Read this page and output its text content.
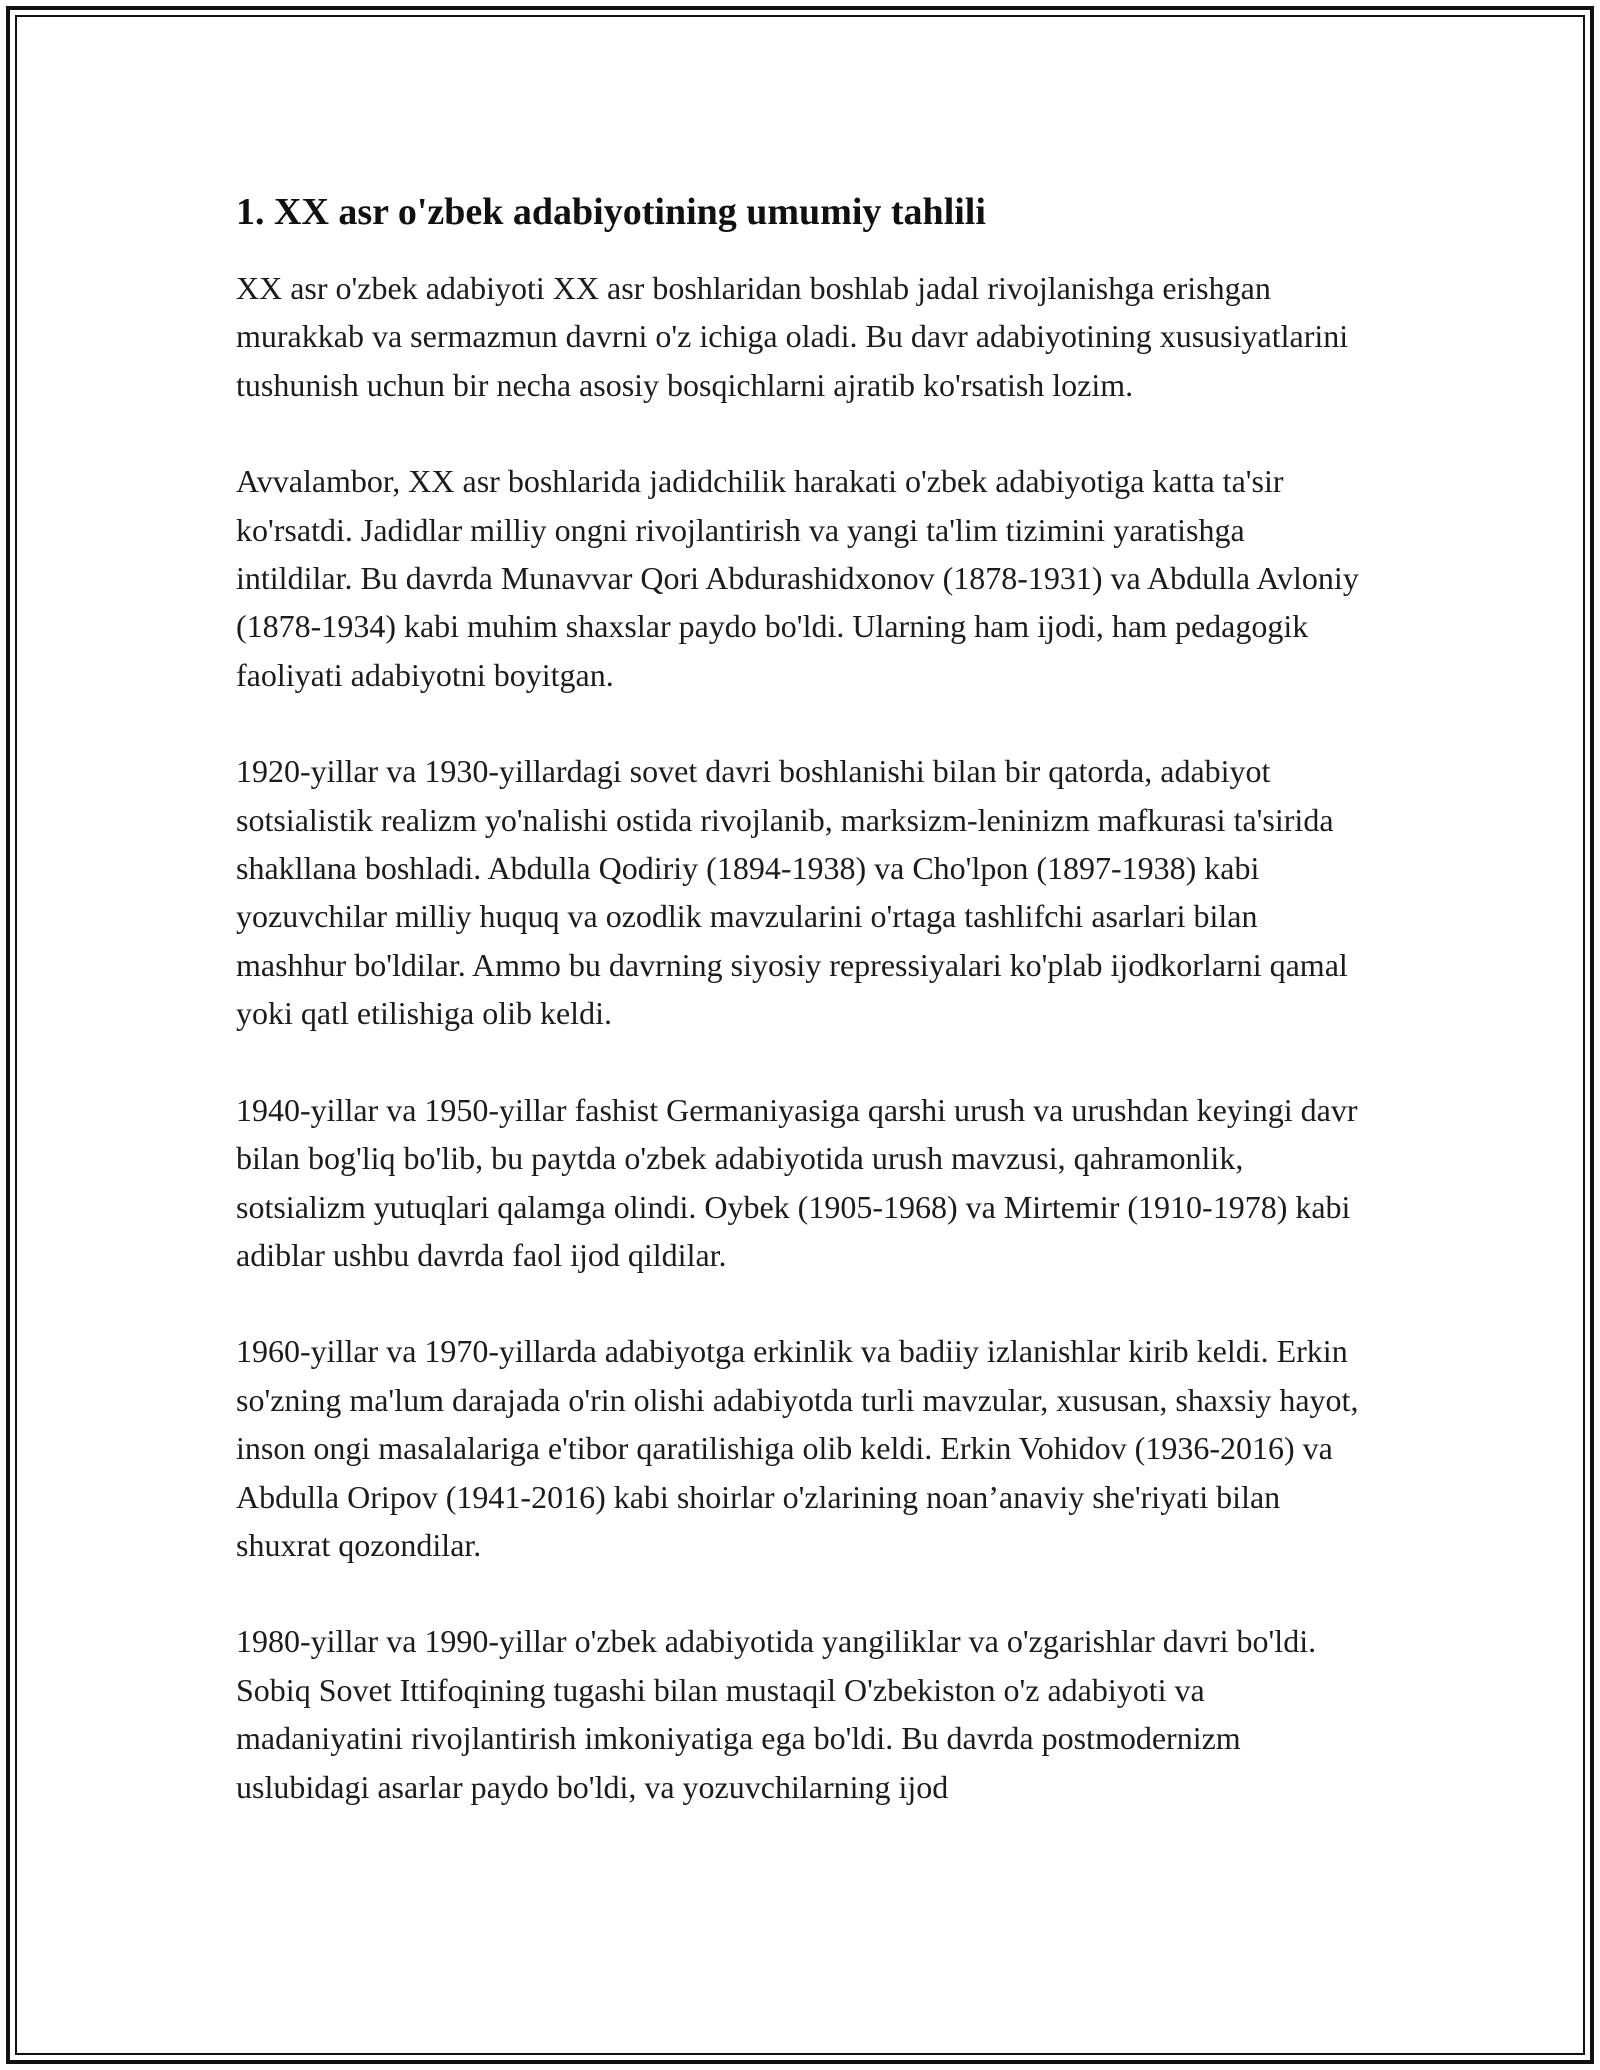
1. XX asr o'zbek adabiyotining umumiy tahlili

XX asr o'zbek adabiyoti XX asr boshlaridan boshlab jadal rivojlanishga erishgan murakkab va sermazmun davrni o'z ichiga oladi. Bu davr adabiyotining xususiyatlarini tushunish uchun bir necha asosiy bosqichlarni ajratib ko'rsatish lozim.

Avvalambor, XX asr boshlarida jadidchilik harakati o'zbek adabiyotiga katta ta'sir ko'rsatdi. Jadidlar milliy ongni rivojlantirish va yangi ta'lim tizimini yaratishga intildilar. Bu davrda Munavvar Qori Abdurashidxonov (1878-1931) va Abdulla Avloniy (1878-1934) kabi muhim shaxslar paydo bo'ldi. Ularning ham ijodi, ham pedagogik faoliyati adabiyotni boyitgan.

1920-yillar va 1930-yillardagi sovet davri boshlanishi bilan bir qatorda, adabiyot sotsialistik realizm yo'nalishi ostida rivojlanib, marksizm-leninizm mafkurasi ta'sirida shakllana boshladi. Abdulla Qodiriy (1894-1938) va Cho'lpon (1897-1938) kabi yozuvchilar milliy huquq va ozodlik mavzularini o'rtaga tashlifchi asarlari bilan mashhur bo'ldilar. Ammo bu davrning siyosiy repressiyalari ko'plab ijodkorlarni qamal yoki qatl etilishiga olib keldi.

1940-yillar va 1950-yillar fashist Germaniyasiga qarshi urush va urushdan keyingi davr bilan bog'liq bo'lib, bu paytda o'zbek adabiyotida urush mavzusi, qahramonlik, sotsializm yutuqlari qalamga olindi. Oybek (1905-1968) va Mirtemir (1910-1978) kabi adiblar ushbu davrda faol ijod qildilar.

1960-yillar va 1970-yillarda adabiyotga erkinlik va badiiy izlanishlar kirib keldi. Erkin so'zning ma'lum darajada o'rin olishi adabiyotda turli mavzular, xususan, shaxsiy hayot, inson ongi masalalariga e'tibor qaratilishiga olib keldi. Erkin Vohidov (1936-2016) va Abdulla Oripov (1941-2016) kabi shoirlar o'zlarining noan’anaviy she'riyati bilan shuxrat qozondilar.

1980-yillar va 1990-yillar o'zbek adabiyotida yangiliklar va o'zgarishlar davri bo'ldi. Sobiq Sovet Ittifoqining tugashi bilan mustaqil O'zbekiston o'z adabiyoti va madaniyatini rivojlantirish imkoniyatiga ega bo'ldi. Bu davrda postmodernizm uslubidagi asarlar paydo bo'ldi, va yozuvchilarning ijod
